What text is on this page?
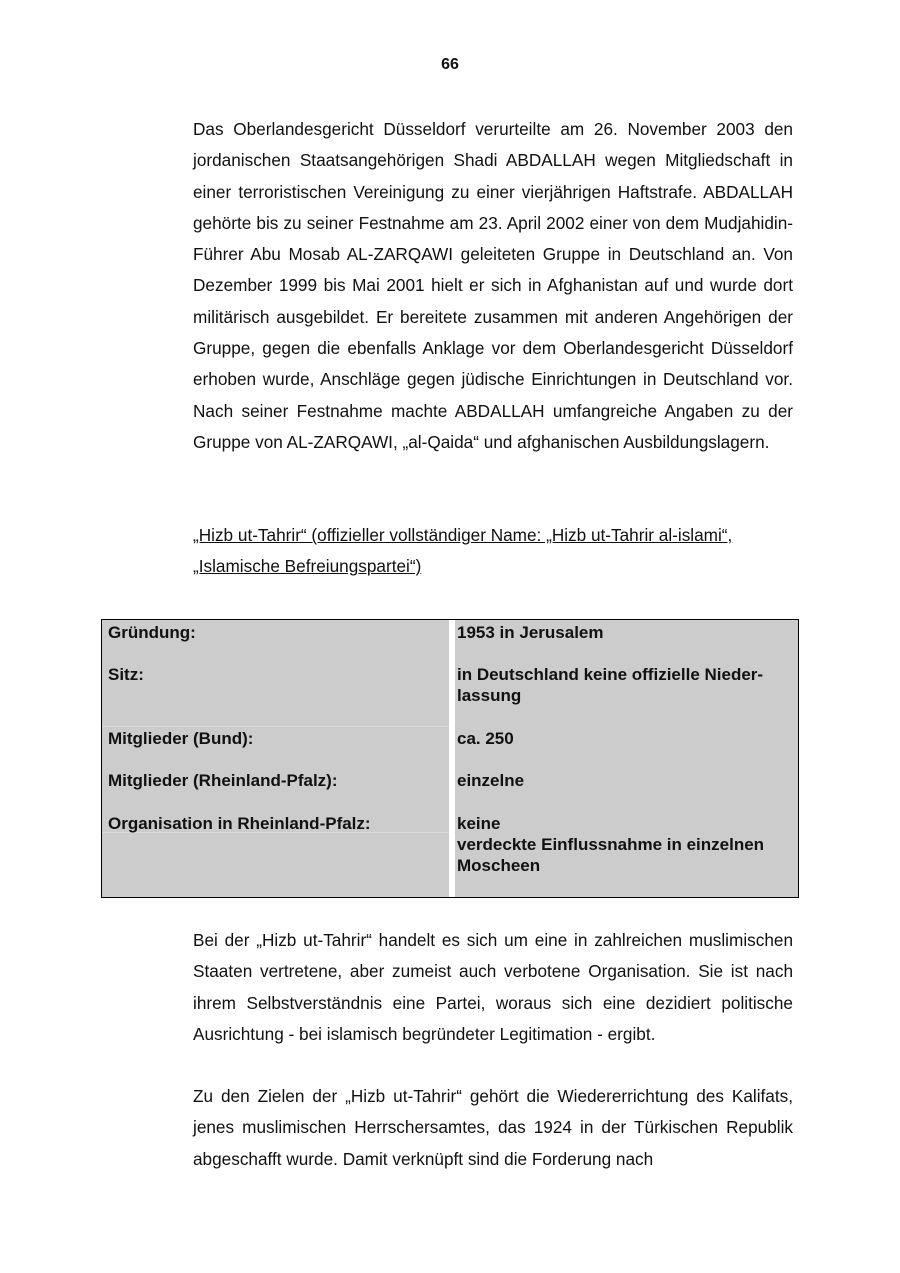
66

Das Oberlandesgericht Düsseldorf verurteilte am 26. November 2003 den jordanischen Staatsangehörigen Shadi ABDALLAH wegen Mitgliedschaft in einer terroristischen Vereinigung zu einer vierjährigen Haftstrafe. ABDALLAH gehörte bis zu seiner Festnahme am 23. April 2002 einer von dem Mudjahidin-Führer Abu Mosab AL-ZARQAWI geleiteten Gruppe in Deutschland an. Von Dezember 1999 bis Mai 2001 hielt er sich in Afghanistan auf und wurde dort militärisch ausgebildet. Er bereitete zusammen mit anderen Angehörigen der Gruppe, gegen die ebenfalls Anklage vor dem Oberlandesgericht Düsseldorf erhoben wurde, Anschläge gegen jüdische Einrichtungen in Deutschland vor. Nach seiner Festnahme machte ABDALLAH umfangreiche Angaben zu der Gruppe von AL-ZARQAWI, „al-Qaida“ und afghanischen Ausbildungslagern.

„Hizb ut-Tahrir“ (offizieller vollständiger Name: „Hizb ut-Tahrir al-islami“, „Islamische Befreiungspartei“)

Gründung:
Sitz:
Mitglieder (Bund):
Mitglieder (Rheinland-Pfalz):
Organisation in Rheinland-Pfalz:
1953 in Jerusalem
in Deutschland keine offizielle Nieder-
lassung
ca. 250
einzelne
keine
verdeckte Einflussnahme in einzelnen
Moscheen

Bei der „Hizb ut-Tahrir“ handelt es sich um eine in zahlreichen muslimischen Staaten vertretene, aber zumeist auch verbotene Organisation. Sie ist nach ihrem Selbstverständnis eine Partei, woraus sich eine dezidiert politische Ausrichtung - bei islamisch begründeter Legitimation - ergibt.

Zu den Zielen der „Hizb ut-Tahrir“ gehört die Wiedererrichtung des Kalifats, jenes muslimischen Herrschersamtes, das 1924 in der Türkischen Republik abgeschafft wurde. Damit verknüpft sind die Forderung nach
